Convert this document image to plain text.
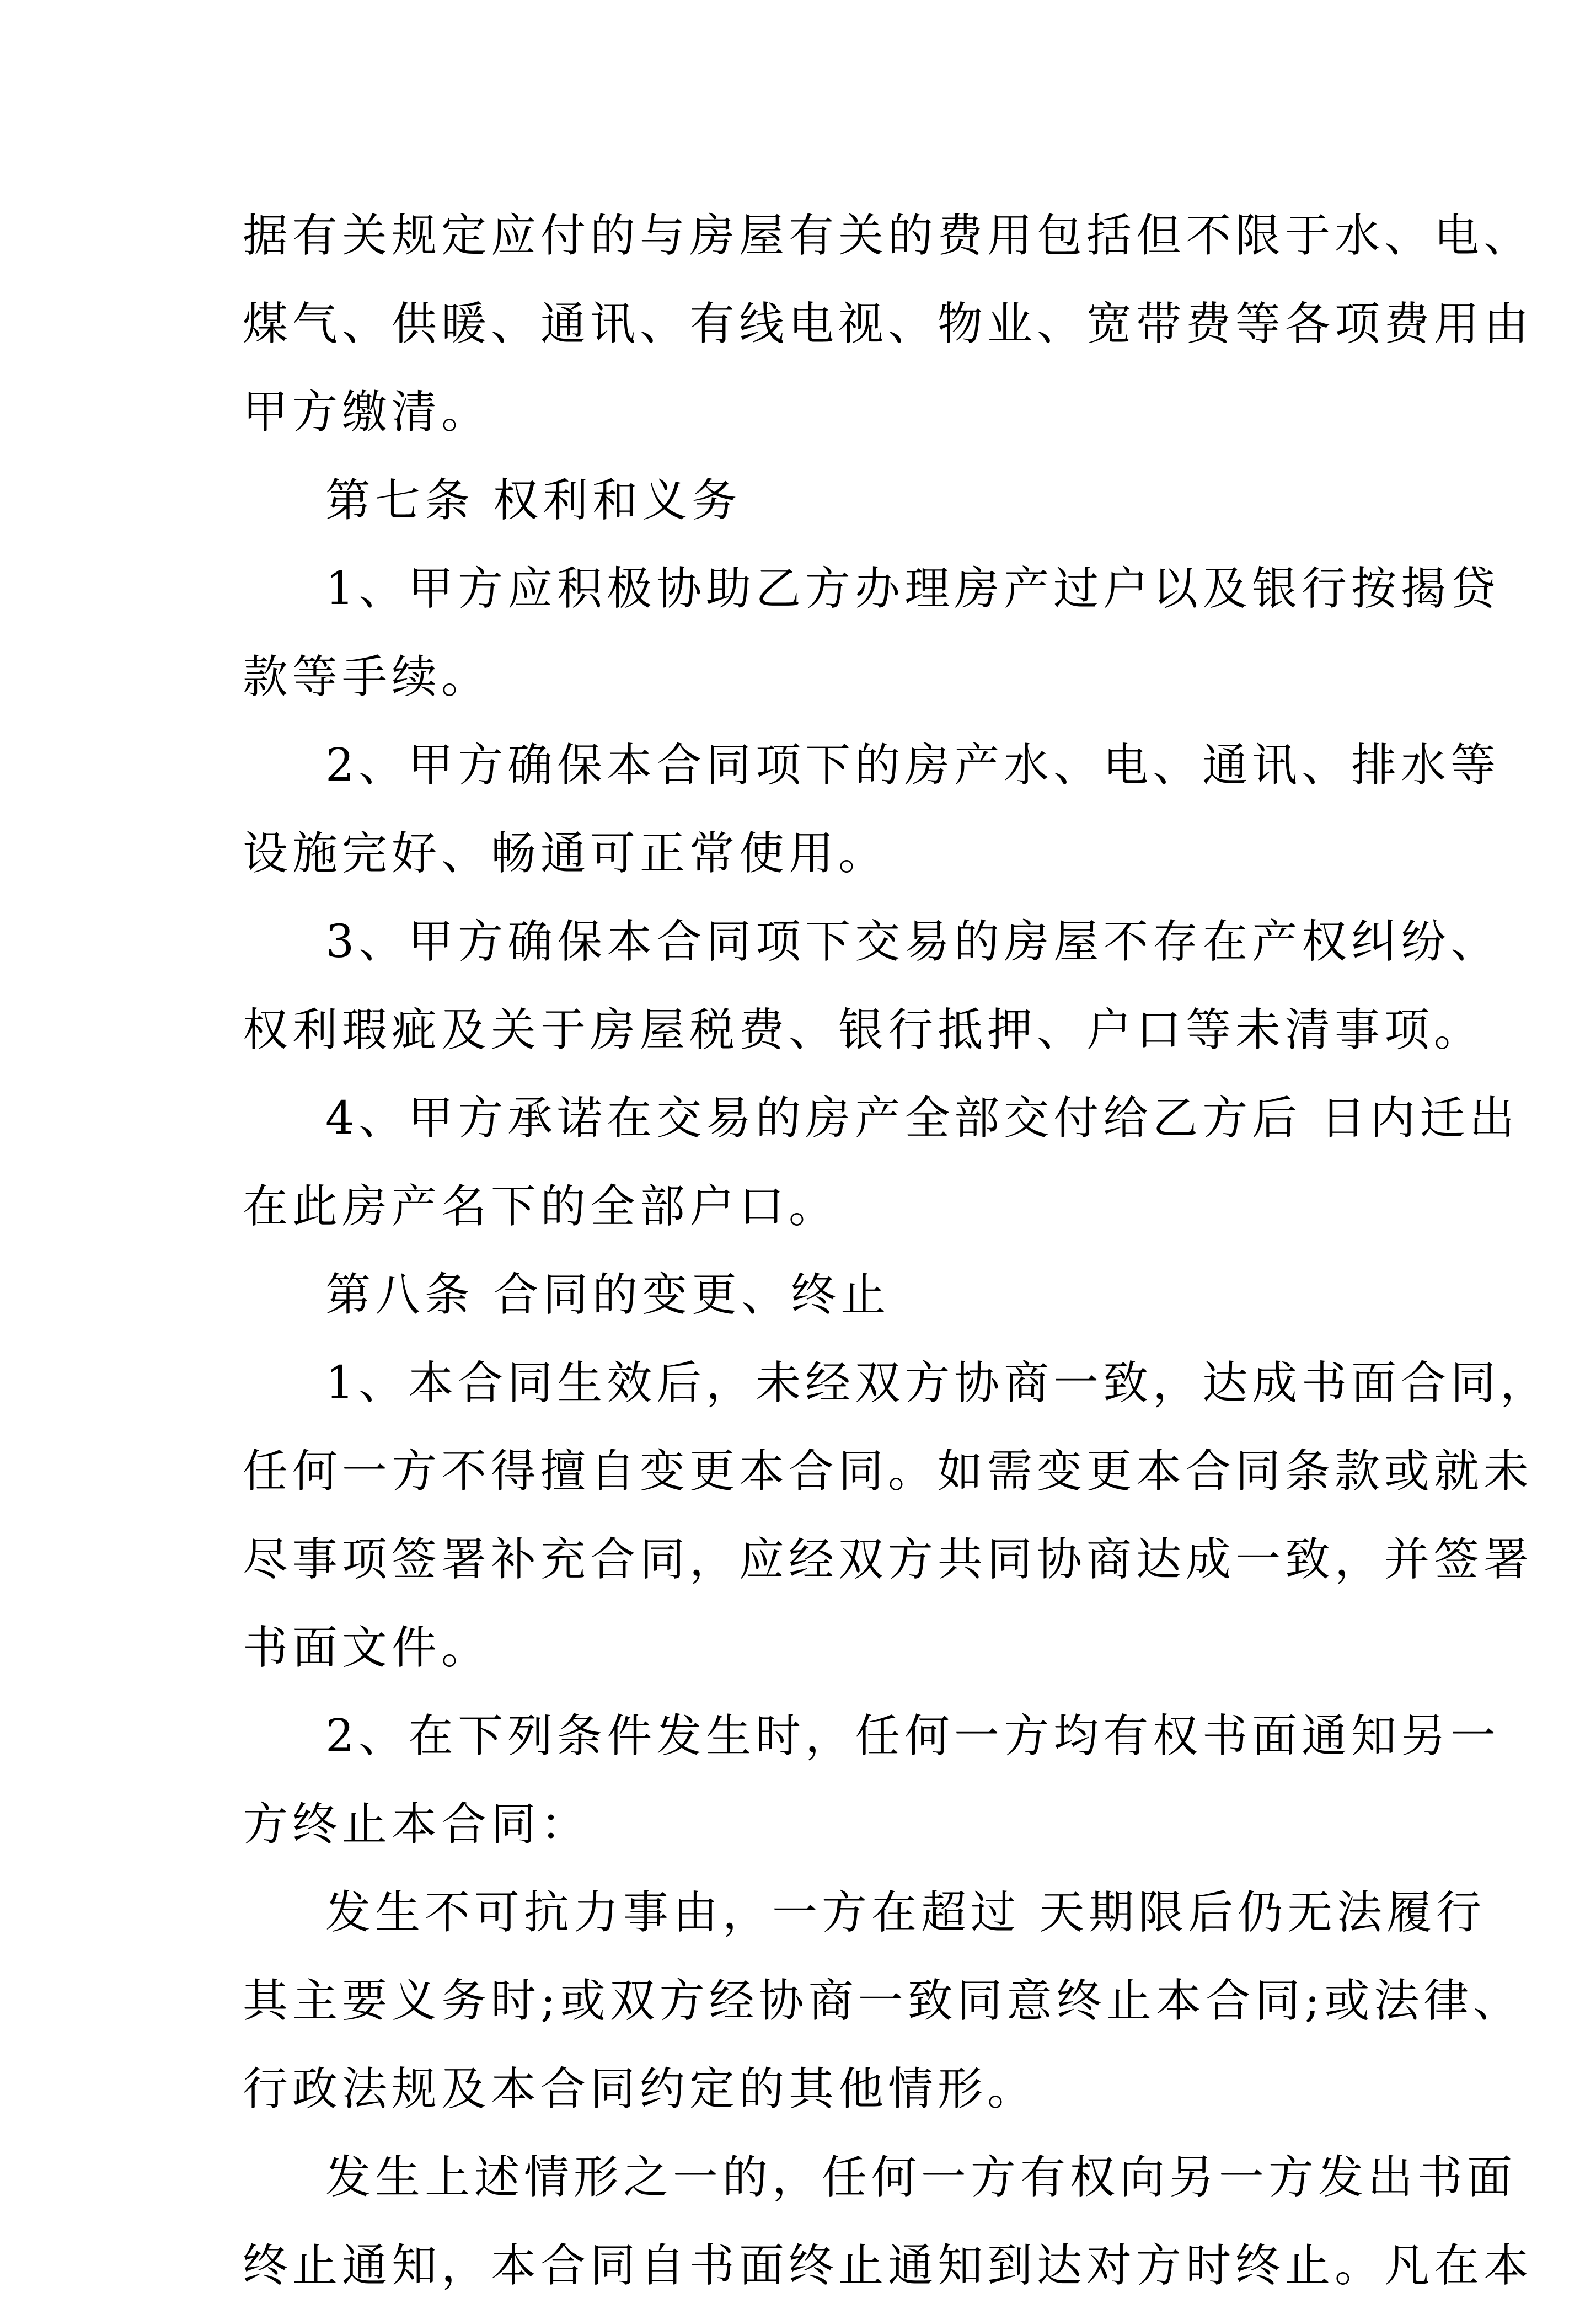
据有关规定应付的与房屋有关的费用包括但不限于水、电、
煤气、供暖、通讯、有线电视、物业、宽带费等各项费用由
甲方缴清。
第七条 权利和义务
1、甲方应积极协助乙方办理房产过户以及银行按揭贷
款等手续。
2、甲方确保本合同项下的房产水、电、通讯、排水等
设施完好、畅通可正常使用。
3、甲方确保本合同项下交易的房屋不存在产权纠纷、
权利瑕疵及关于房屋税费、银行抵押、户口等未清事项。
4、甲方承诺在交易的房产全部交付给乙方后 日内迁出
在此房产名下的全部户口。
第八条 合同的变更、终止
1、本合同生效后，未经双方协商一致，达成书面合同，
任何一方不得擅自变更本合同。如需变更本合同条款或就未
尽事项签署补充合同，应经双方共同协商达成一致，并签署
书面文件。
2、在下列条件发生时，任何一方均有权书面通知另一
方终止本合同：
发生不可抗力事由，一方在超过 天期限后仍无法履行
其主要义务时;或双方经协商一致同意终止本合同;或法律、
行政法规及本合同约定的其他情形。
发生上述情形之一的，任何一方有权向另一方发出书面
终止通知，本合同自书面终止通知到达对方时终止。凡在本
